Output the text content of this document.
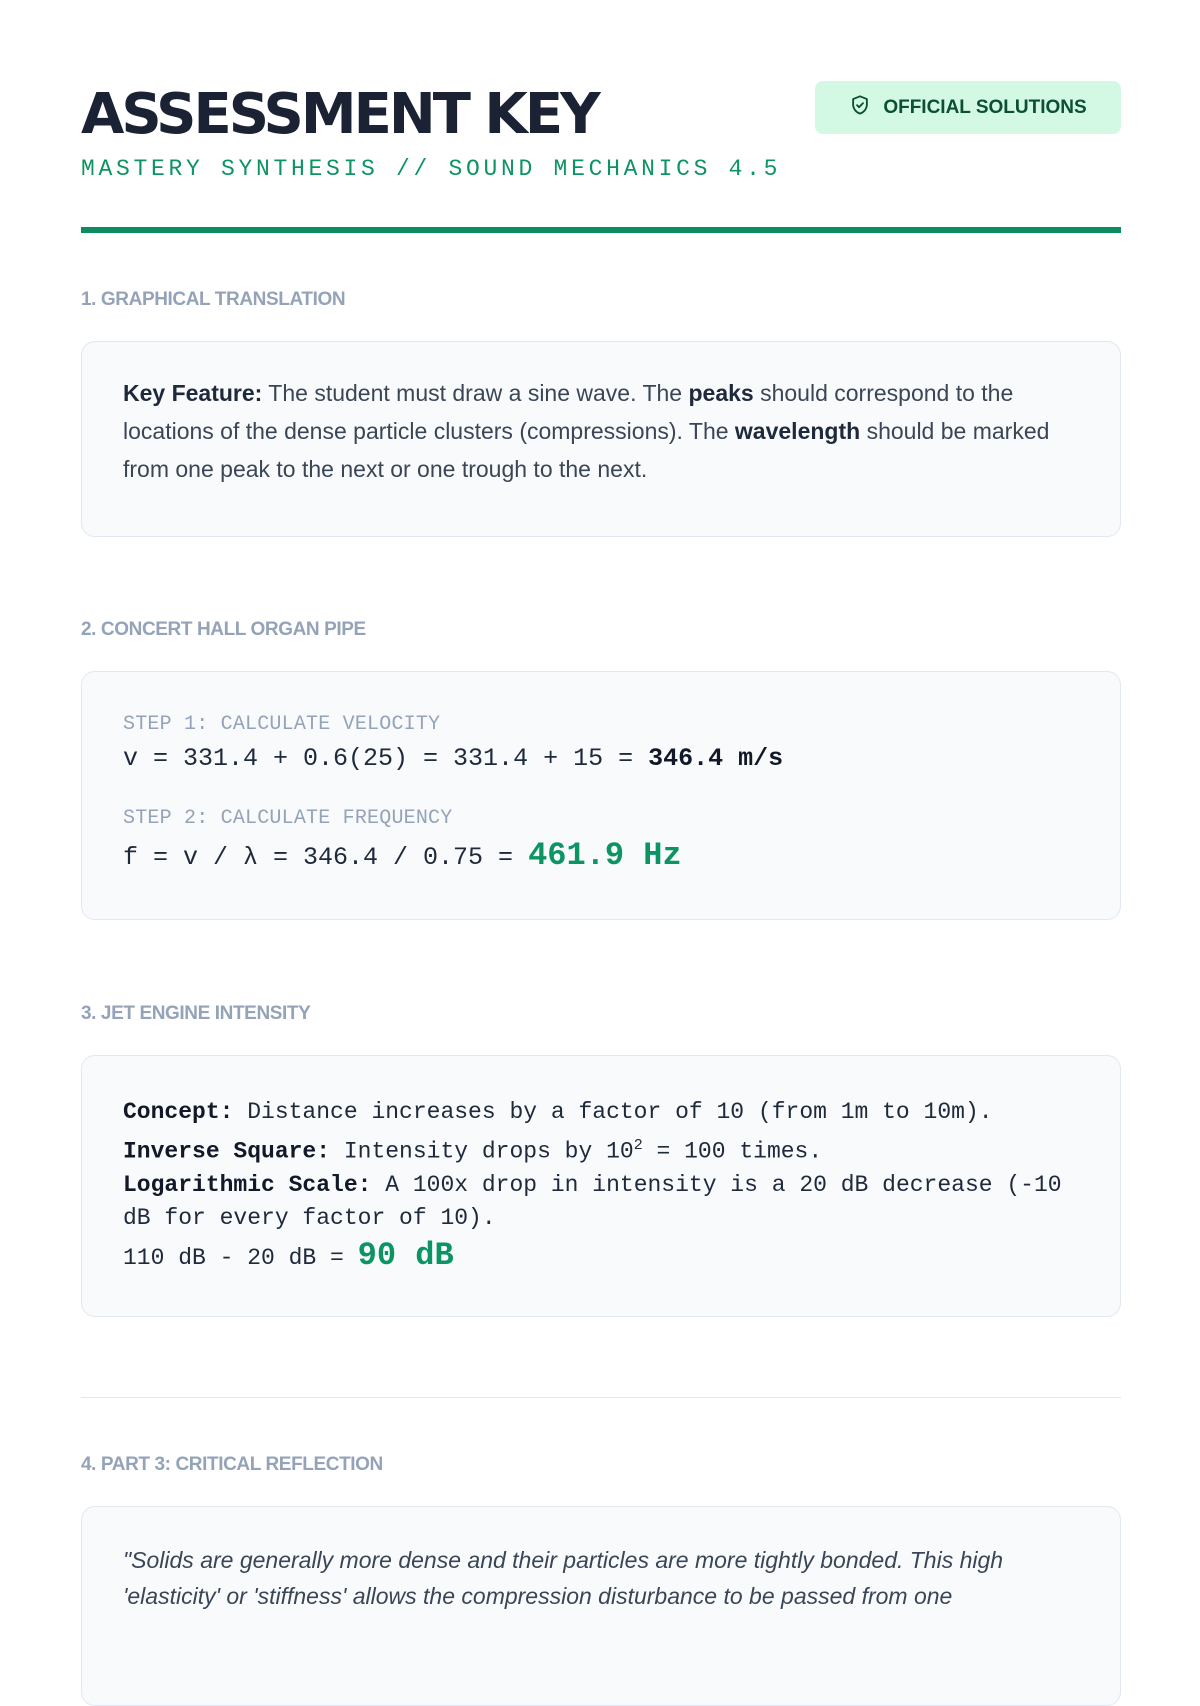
ASSESSMENT KEY
MASTERY SYNTHESIS // SOUND MECHANICS 4.5
OFFICIAL SOLUTIONS
1. GRAPHICAL TRANSLATION
Key Feature: The student must draw a sine wave. The peaks should correspond to the locations of the dense particle clusters (compressions). The wavelength should be marked from one peak to the next or one trough to the next.
2. CONCERT HALL ORGAN PIPE
STEP 1: CALCULATE VELOCITY
v = 331.4 + 0.6(25) = 331.4 + 15 = 346.4 m/s
STEP 2: CALCULATE FREQUENCY
f = v / λ = 346.4 / 0.75 = 461.9 Hz
3. JET ENGINE INTENSITY
Concept: Distance increases by a factor of 10 (from 1m to 10m).
Inverse Square: Intensity drops by $10^2 = 100$ times.
Logarithmic Scale: A 100x drop in intensity is a 20 dB decrease (-10 dB for every factor of 10).
110 dB - 20 dB = 90 dB
4. PART 3: CRITICAL REFLECTION
"Solids are generally more dense and their particles are more tightly bonded. This high 'elasticity' or 'stiffness' allows the compression disturbance to be passed from one
